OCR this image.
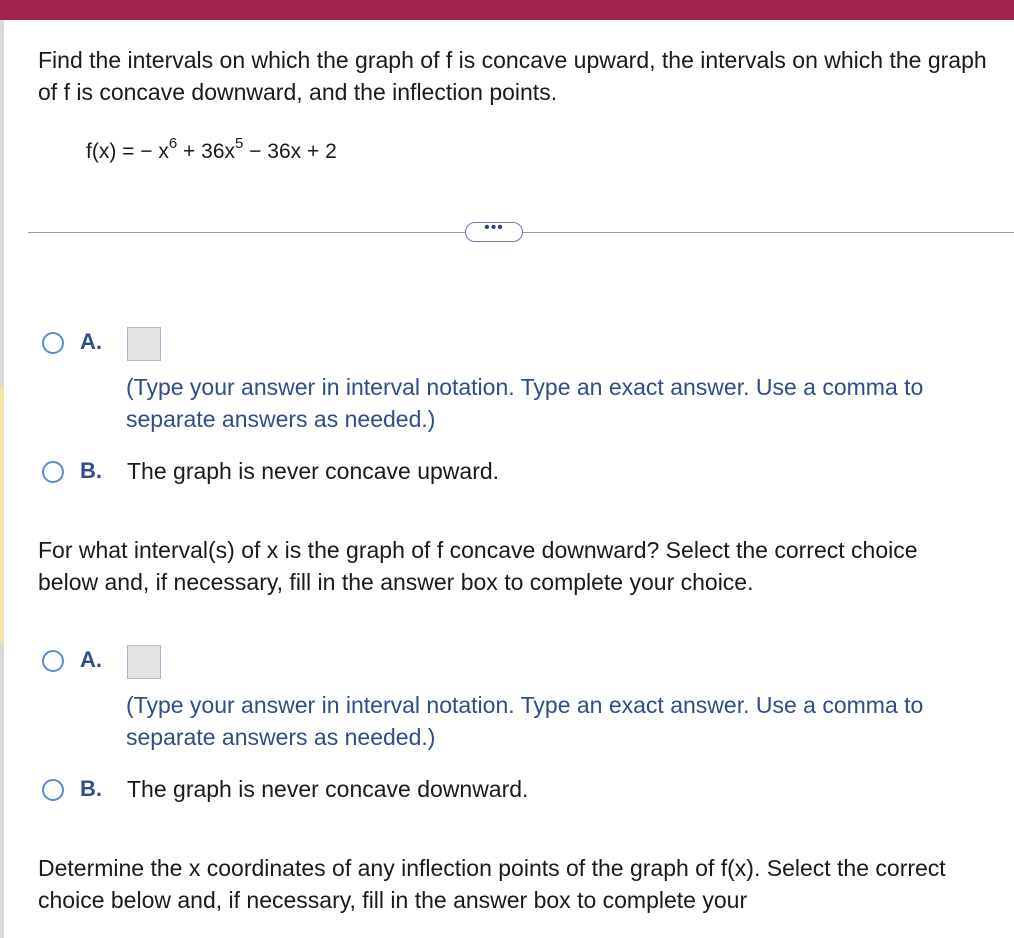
Find the intervals on which the graph of f is concave upward, the intervals on which the graph of f is concave downward, and the inflection points.

f(x) = − $x^6 + 36x^5 - 36x + 2$
•••
A.

(Type your answer in interval notation. Type an exact answer. Use a comma to separate answers as needed.)

B. The graph is never concave upward.

For what interval(s) of x is the graph of f concave downward? Select the correct choice below and, if necessary, fill in the answer box to complete your choice.

A.

(Type your answer in interval notation. Type an exact answer. Use a comma to separate answers as needed.)

B. The graph is never concave downward.

Determine the x coordinates of any inflection points of the graph of f(x). Select the correct choice below and, if necessary, fill in the answer box to complete your
